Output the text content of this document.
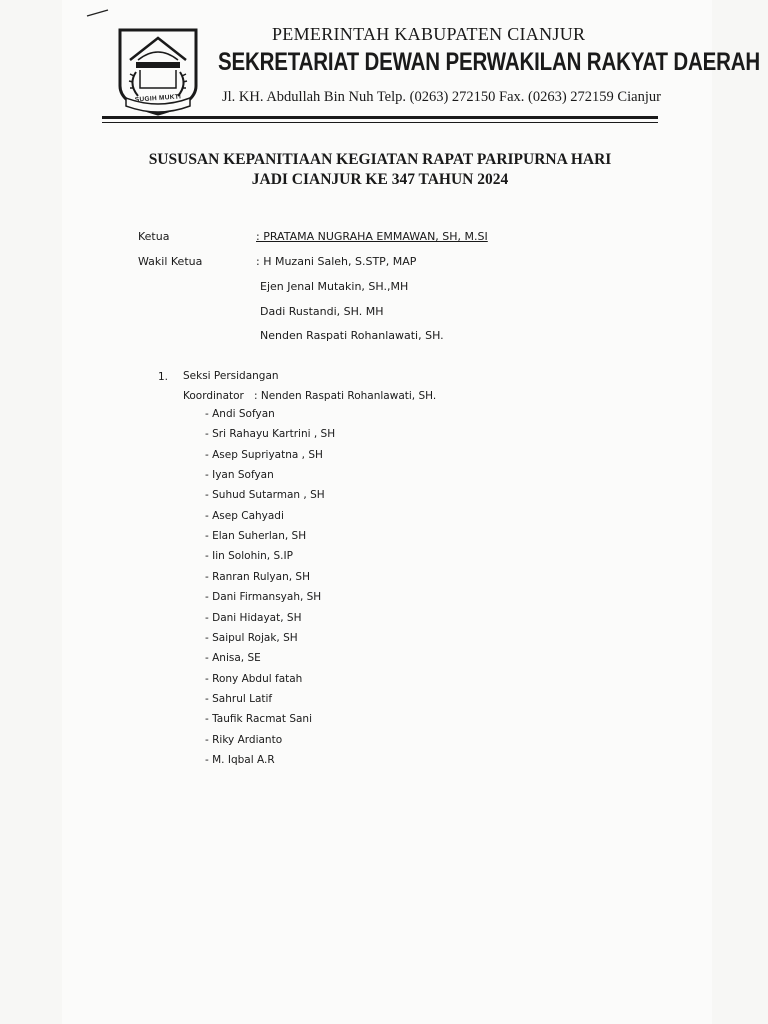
SUGIH MUKTI
PEMERINTAH KABUPATEN CIANJUR
SEKRETARIAT DEWAN PERWAKILAN RAKYAT DAERAH
Jl. KH. Abdullah Bin Nuh Telp. (0263) 272150 Fax. (0263) 272159 Cianjur
SUSUSAN KEPANITIAAN KEGIATAN RAPAT PARIPURNA HARI
JADI CIANJUR KE 347 TAHUN 2024
Ketua	: PRATAMA NUGRAHA EMMAWAN, SH, M.SI
Wakil Ketua	: H Muzani Saleh, S.STP, MAP
Ejen Jenal Mutakin, SH.,MH
Dadi Rustandi, SH. MH
Nenden Raspati Rohanlawati, SH.
1. Seksi Persidangan
Koordinator : Nenden Raspati Rohanlawati, SH.
- Andi Sofyan
- Sri Rahayu Kartrini , SH
- Asep Supriyatna , SH
- Iyan Sofyan
- Suhud Sutarman , SH
- Asep Cahyadi
- Elan Suherlan, SH
- Iin Solohin, S.IP
- Ranran Rulyan, SH
- Dani Firmansyah, SH
- Dani Hidayat, SH
- Saipul Rojak, SH
- Anisa, SE
- Rony Abdul fatah
- Sahrul Latif
- Taufik Racmat Sani
- Riky Ardianto
- M. Iqbal A.R
